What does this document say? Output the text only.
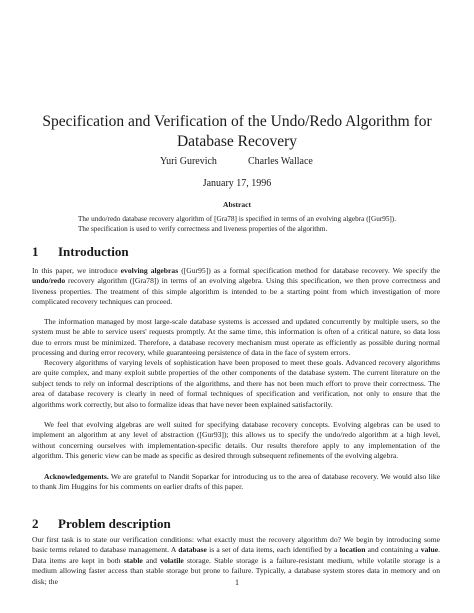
Specification and Verification of the Undo/Redo Algorithm for Database Recovery
Yuri Gurevich	Charles Wallace
January 17, 1996
Abstract

The undo/redo database recovery algorithm of [Gra78] is specified in terms of an evolving algebra ([Gur95]). The specification is used to verify correctness and liveness properties of the algorithm.

1 Introduction

In this paper, we introduce evolving algebras ([Gur95]) as a formal specification method for database recovery. We specify the undo/redo recovery algorithm ([Gra78]) in terms of an evolving algebra. Using this specification, we then prove correctness and liveness properties. The treatment of this simple algorithm is intended to be a starting point from which investigation of more complicated recovery techniques can proceed.

The information managed by most large-scale database systems is accessed and updated concurrently by multiple users, so the system must be able to service users' requests promptly. At the same time, this information is often of a critical nature, so data loss due to errors must be minimized. Therefore, a database recovery mechanism must operate as efficiently as possible during normal processing and during error recovery, while guaranteeing persistence of data in the face of system errors.

Recovery algorithms of varying levels of sophistication have been proposed to meet these goals. Advanced recovery algorithms are quite complex, and many exploit subtle properties of the other components of the database system. The current literature on the subject tends to rely on informal descriptions of the algorithms, and there has not been much effort to prove their correctness. The area of database recovery is clearly in need of formal techniques of specification and verification, not only to ensure that the algorithms work correctly, but also to formalize ideas that have never been explained satisfactorily.

We feel that evolving algebras are well suited for specifying database recovery concepts. Evolving algebras can be used to implement an algorithm at any level of abstraction ([Gur93]); this allows us to specify the undo/redo algorithm at a high level, without concerning ourselves with implementation-specific details. Our results therefore apply to any implementation of the algorithm. This generic view can be made as specific as desired through subsequent refinements of the evolving algebra.

Acknowledgements. We are grateful to Nandit Soparkar for introducing us to the area of database recovery. We would also like to thank Jim Huggins for his comments on earlier drafts of this paper.

2 Problem description

Our first task is to state our verification conditions: what exactly must the recovery algorithm do? We begin by introducing some basic terms related to database management. A database is a set of data items, each identified by a location and containing a value. Data items are kept in both stable and volatile storage. Stable storage is a failure-resistant medium, while volatile storage is a medium allowing faster access than stable storage but prone to failure. Typically, a database system stores data in memory and on disk; the	1
